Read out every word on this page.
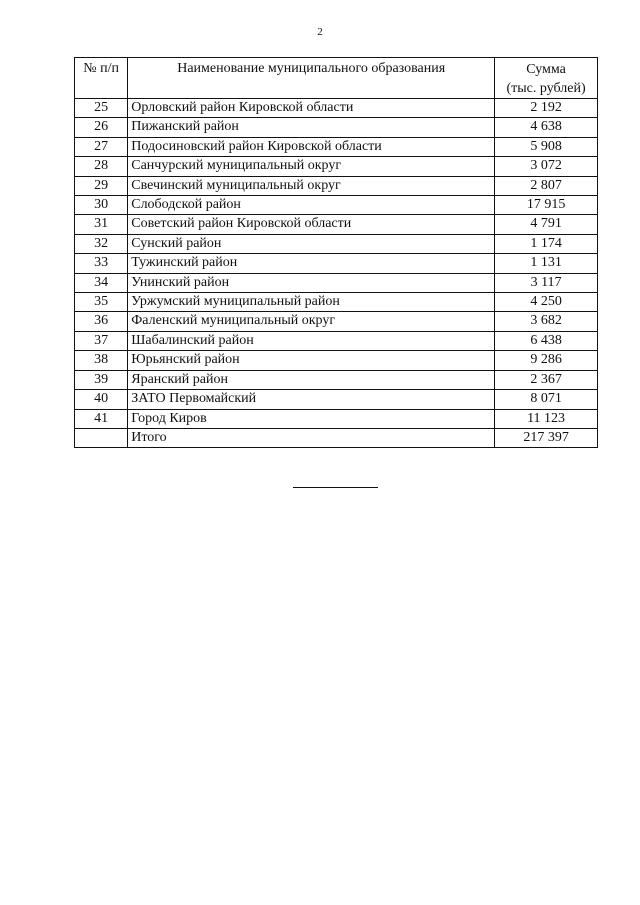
2
№ п/п	Наименование муниципального образования	Сумма
(тыс. рублей)

25	Орловский район Кировской области	2 192
26	Пижанский район	4 638
27	Подосиновский район Кировской области	5 908
28	Санчурский муниципальный округ	3 072
29	Свечинский муниципальный округ	2 807
30	Слободской район	17 915
31	Советский район Кировской области	4 791
32	Сунский район	1 174
33	Тужинский район	1 131
34	Унинский район	3 117
35	Уржумский муниципальный район	4 250
36	Фаленский муниципальный округ	3 682
37	Шабалинский район	6 438
38	Юрьянский район	9 286
39	Яранский район	2 367
40	ЗАТО Первомайский	8 071
41	Город Киров	11 123
	Итого	217 397
